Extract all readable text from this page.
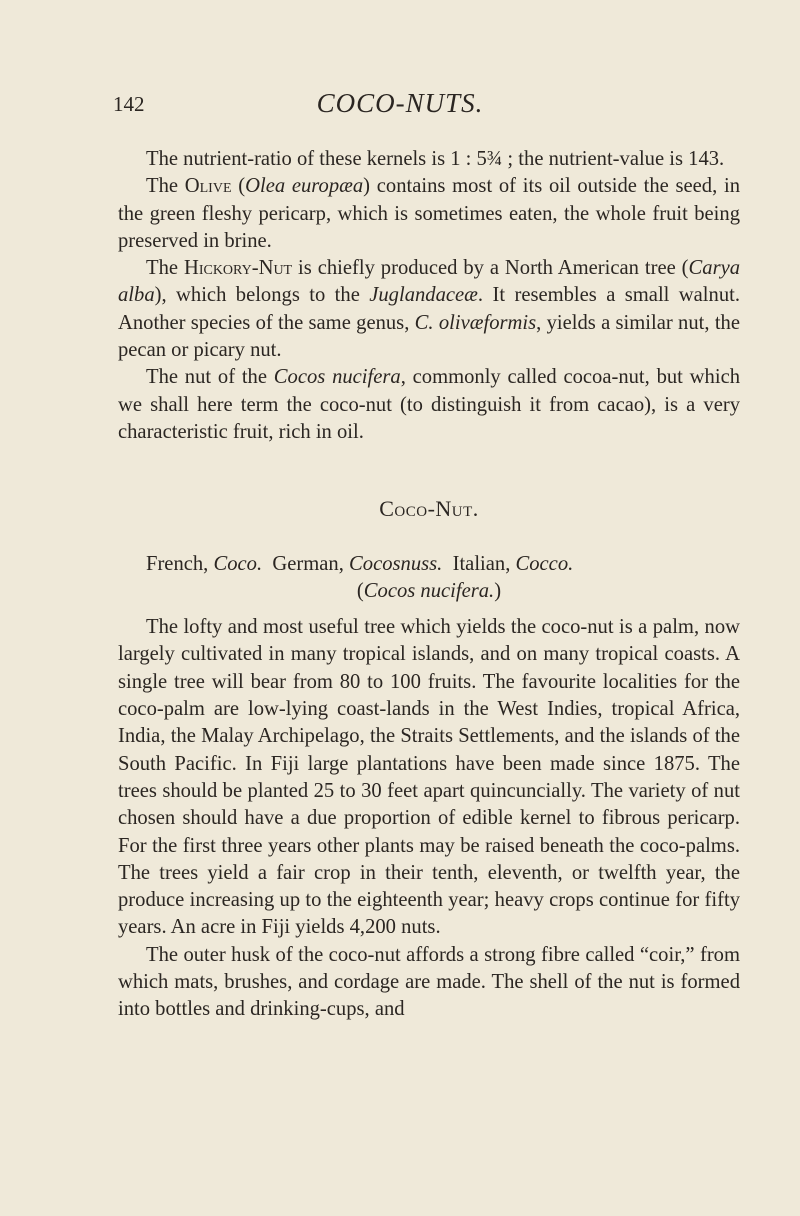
142	COCO-NUTS.

The nutrient-ratio of these kernels is 1 : 5¾ ; the nutrient-value is 143.

The Olive (Olea europæa) contains most of its oil outside the seed, in the green fleshy pericarp, which is sometimes eaten, the whole fruit being preserved in brine.

The Hickory-Nut is chiefly produced by a North American tree (Carya alba), which belongs to the Juglandaceæ. It resembles a small walnut. Another species of the same genus, C. olivæformis, yields a similar nut, the pecan or picary nut.

The nut of the Cocos nucifera, commonly called cocoa-nut, but which we shall here term the coco-nut (to distinguish it from cacao), is a very characteristic fruit, rich in oil.

Coco-Nut.
French, Coco.  German, Cocosnuss.  Italian, Cocco.
(Cocos nucifera.)

The lofty and most useful tree which yields the coco-nut is a palm, now largely cultivated in many tropical islands, and on many tropical coasts. A single tree will bear from 80 to 100 fruits. The favourite localities for the coco-palm are low-lying coast-lands in the West Indies, tropical Africa, India, the Malay Archipelago, the Straits Settlements, and the islands of the South Pacific. In Fiji large plantations have been made since 1875. The trees should be planted 25 to 30 feet apart quincuncially. The variety of nut chosen should have a due proportion of edible kernel to fibrous pericarp. For the first three years other plants may be raised beneath the coco-palms. The trees yield a fair crop in their tenth, eleventh, or twelfth year, the produce increasing up to the eighteenth year; heavy crops continue for fifty years. An acre in Fiji yields 4,200 nuts.

The outer husk of the coco-nut affords a strong fibre called “coir,” from which mats, brushes, and cordage are made. The shell of the nut is formed into bottles and drinking-cups, and
